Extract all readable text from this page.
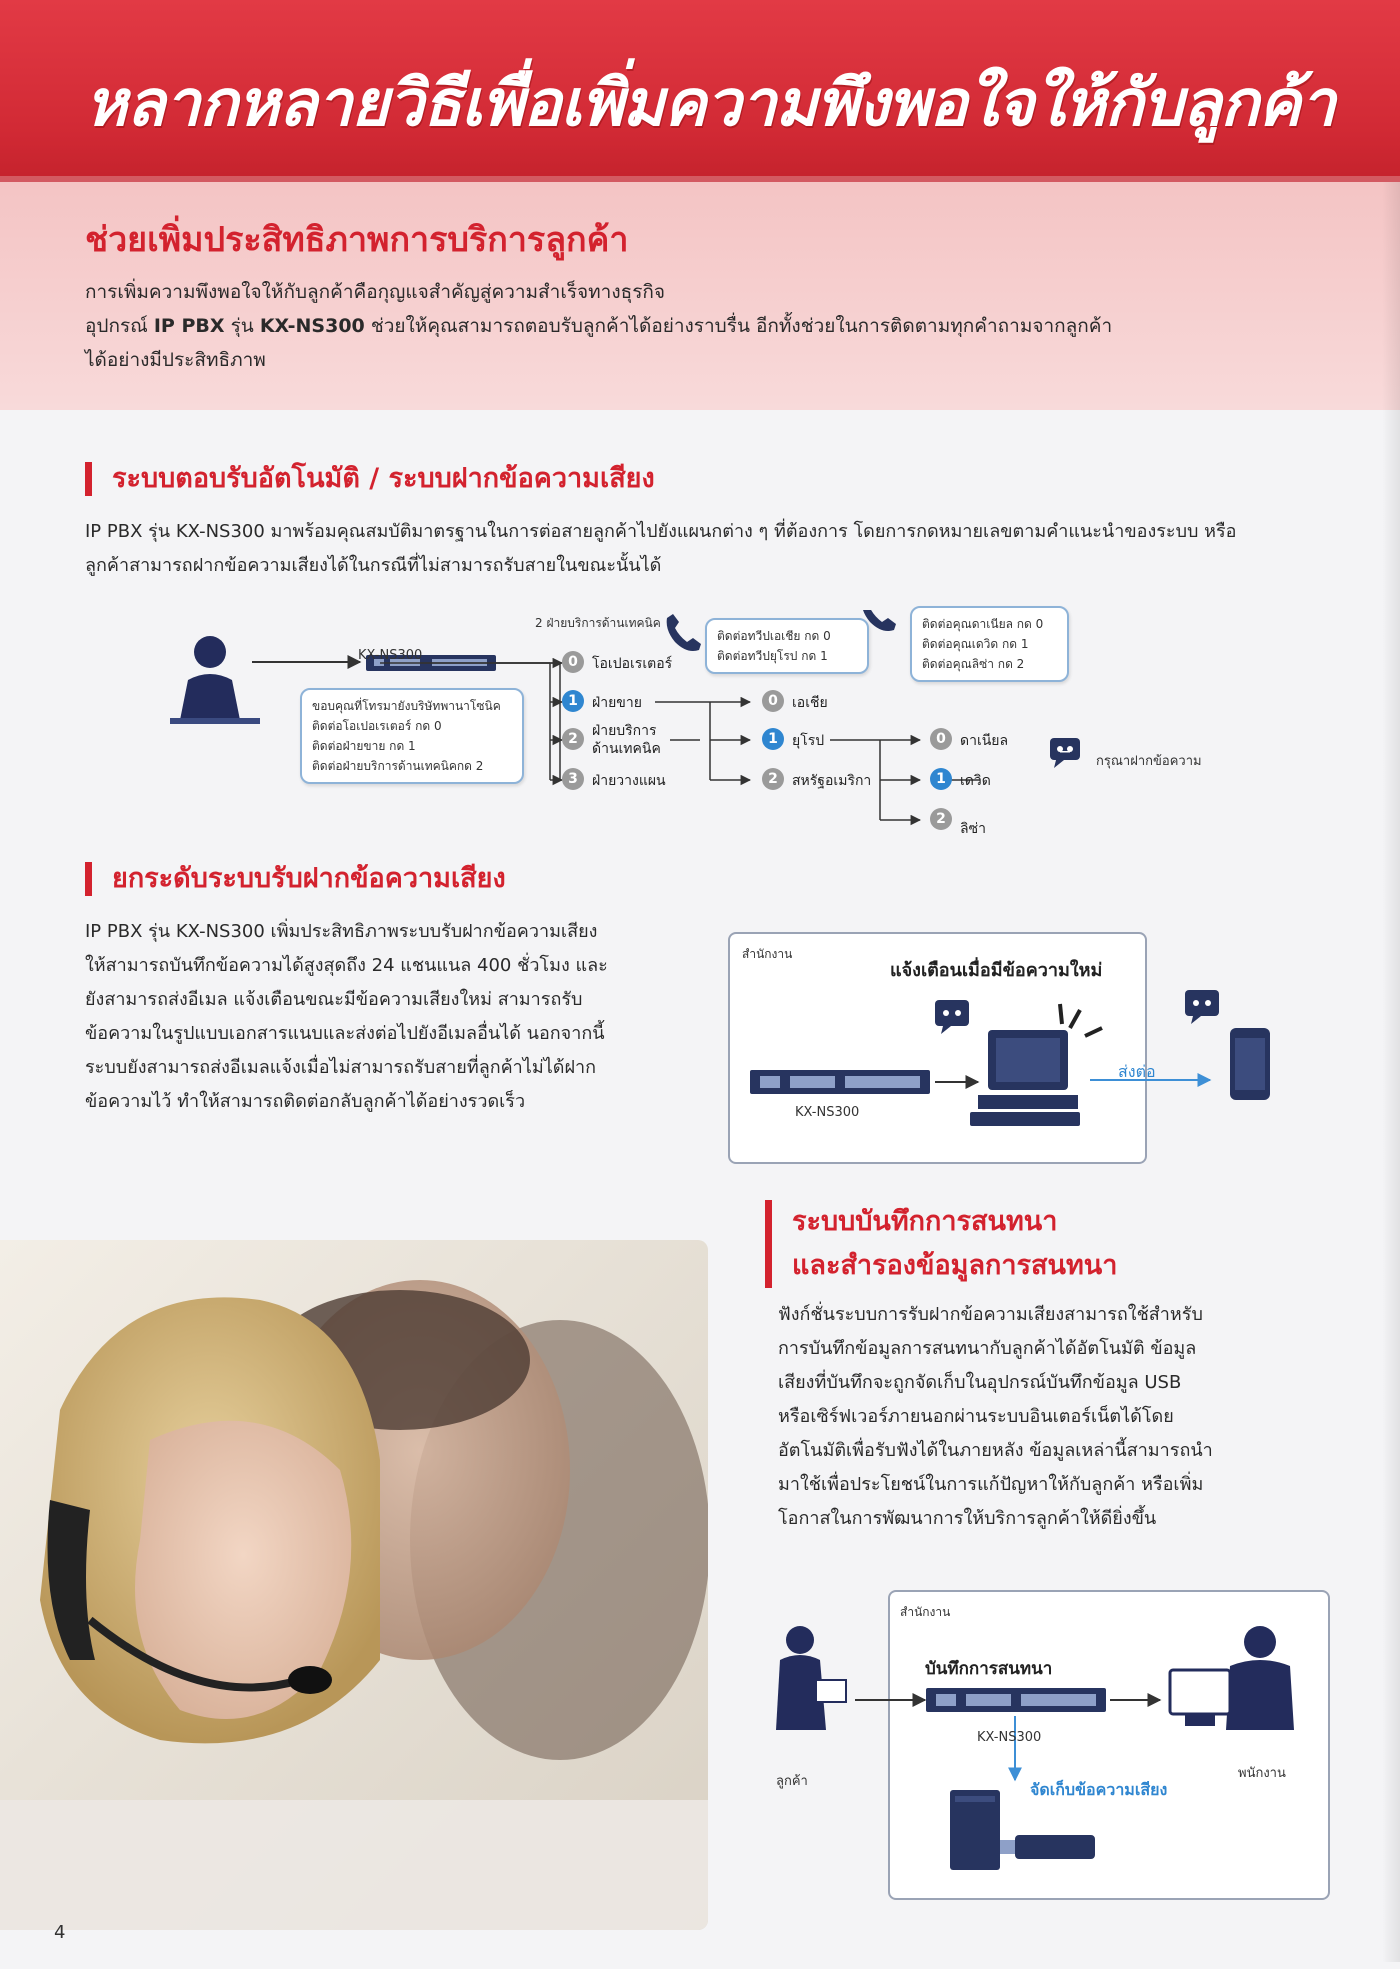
หลากหลายวิธีเพื่อเพิ่มความพึงพอใจให้กับลูกค้า
ช่วยเพิ่มประสิทธิภาพการบริการลูกค้า
การเพิ่มความพึงพอใจให้กับลูกค้าคือกุญแจสำคัญสู่ความสำเร็จทางธุรกิจ
อุปกรณ์ IP PBX รุ่น KX-NS300 ช่วยให้คุณสามารถตอบรับลูกค้าได้อย่างราบรื่น อีกทั้งช่วยในการติดตามทุกคำถามจากลูกค้า
ได้อย่างมีประสิทธิภาพ
ระบบตอบรับอัตโนมัติ / ระบบฝากข้อความเสียง
IP PBX รุ่น KX-NS300 มาพร้อมคุณสมบัติมาตรฐานในการต่อสายลูกค้าไปยังแผนกต่าง ๆ ที่ต้องการ โดยการกดหมายเลขตามคำแนะนำของระบบ หรือ
ลูกค้าสามารถฝากข้อความเสียงได้ในกรณีที่ไม่สามารถรับสายในขณะนั้นได้
KX-NS300
2 ฝ่ายบริการด้านเทคนิค
ขอบคุณที่โทรมายังบริษัทพานาโซนิค
ติดต่อโอเปอเรเตอร์ กด 0
ติดต่อฝ่ายขาย กด 1
ติดต่อฝ่ายบริการด้านเทคนิคกด 2
ติดต่อทวีปเอเชีย กด 0
ติดต่อทวีปยุโรป กด 1
ติดต่อคุณดาเนียล กด 0
ติดต่อคุณเดวิด กด 1
ติดต่อคุณลิซ่า กด 2
0	โอเปอเรเตอร์
1	ฝ่ายขาย
2	ฝ่ายบริการ
ด้านเทคนิค
3	ฝ่ายวางแผน
0	เอเชีย
1	ยุโรป
2	สหรัฐอเมริกา
0	ดาเนียล
1	เดวิด
2
ลิซ่า
กรุณาฝากข้อความ
ยกระดับระบบรับฝากข้อความเสียง
IP PBX รุ่น KX-NS300 เพิ่มประสิทธิภาพระบบรับฝากข้อความเสียง
ให้สามารถบันทึกข้อความได้สูงสุดถึง 24 แชนแนล 400 ชั่วโมง และ
ยังสามารถส่งอีเมล แจ้งเตือนขณะมีข้อความเสียงใหม่ สามารถรับ
ข้อความในรูปแบบเอกสารแนบและส่งต่อไปยังอีเมลอื่นได้ นอกจากนี้
ระบบยังสามารถส่งอีเมลแจ้งเมื่อไม่สามารถรับสายที่ลูกค้าไม่ได้ฝาก
ข้อความไว้ ทำให้สามารถติดต่อกลับลูกค้าได้อย่างรวดเร็ว
สำนักงาน
แจ้งเตือนเมื่อมีข้อความใหม่
KX-NS300
ส่งต่อ
ระบบบันทึกการสนทนา
และสำรองข้อมูลการสนทนา
ฟังก์ชั่นระบบการรับฝากข้อความเสียงสามารถใช้สำหรับ
การบันทึกข้อมูลการสนทนากับลูกค้าได้อัตโนมัติ ข้อมูล
เสียงที่บันทึกจะถูกจัดเก็บในอุปกรณ์บันทึกข้อมูล USB
หรือเซิร์ฟเวอร์ภายนอกผ่านระบบอินเตอร์เน็ตได้โดย
อัตโนมัติเพื่อรับฟังได้ในภายหลัง ข้อมูลเหล่านี้สามารถนำ
มาใช้เพื่อประโยชน์ในการแก้ปัญหาให้กับลูกค้า หรือเพิ่ม
โอกาสในการพัฒนาการให้บริการลูกค้าให้ดียิ่งขึ้น
สำนักงาน
บันทึกการสนทนา
KX-NS300
ลูกค้า
พนักงาน
จัดเก็บข้อความเสียง
4
